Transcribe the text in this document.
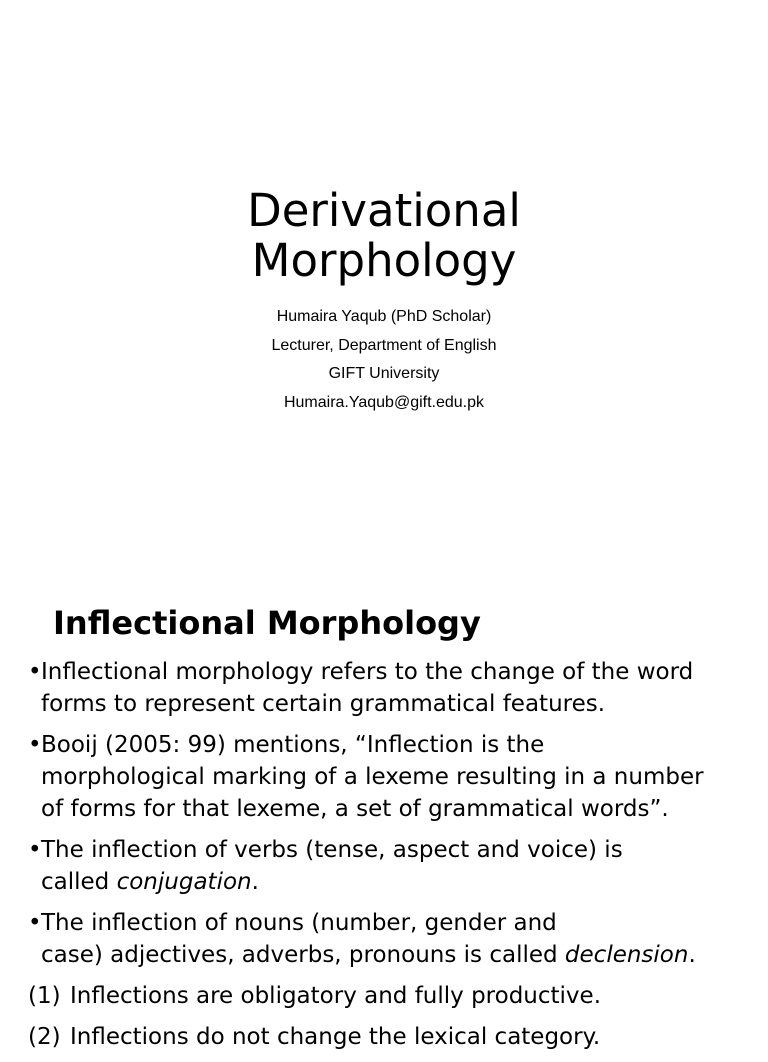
Derivational
Morphology
Humaira Yaqub (PhD Scholar)
Lecturer, Department of English
GIFT University
Humaira.Yaqub@gift.edu.pk
Inflectional Morphology
• Inflectional morphology refers to the change of the word
forms to represent certain grammatical features.
• Booij (2005: 99) mentions, “Inflection is the
morphological marking of a lexeme resulting in a number
of forms for that lexeme, a set of grammatical words”.
• The inflection of verbs (tense, aspect and voice) is
called conjugation.
• The inflection of nouns (number, gender and
case) adjectives, adverbs, pronouns is called declension.
(1) Inflections are obligatory and fully productive.
(2) Inflections do not change the lexical category.
